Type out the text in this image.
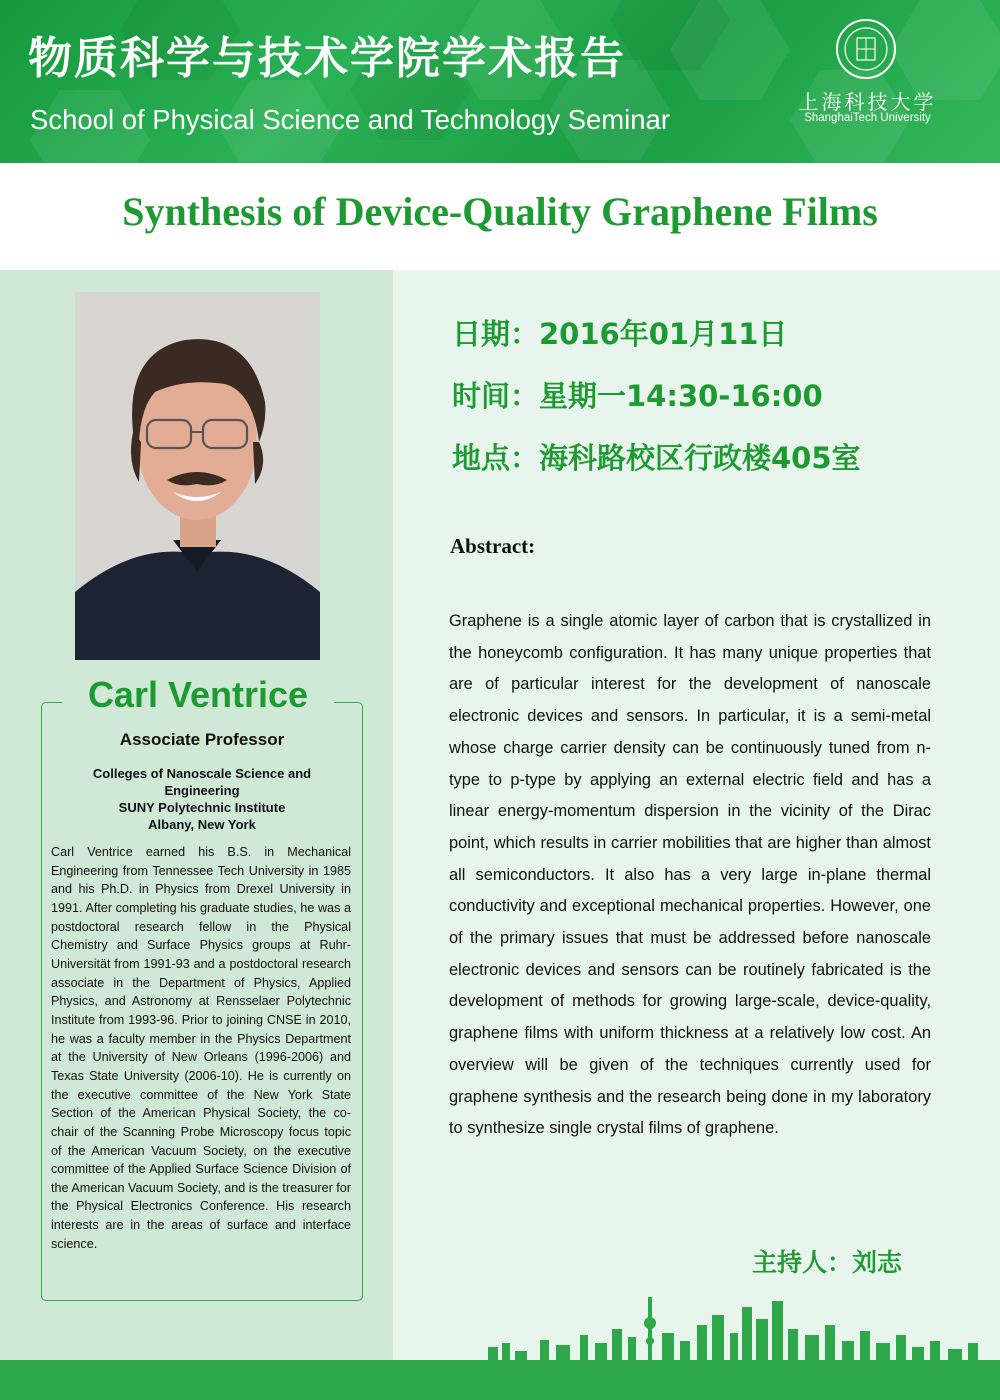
物质科学与技术学院学术报告
School of Physical Science and Technology Seminar
上海科技大学
ShanghaiTech University
Synthesis of Device-Quality Graphene Films
Carl Ventrice
Associate Professor
Colleges of Nanoscale Science and
Engineering
SUNY Polytechnic Institute
Albany, New York
Carl Ventrice earned his B.S. in Mechanical Engineering from Tennessee Tech University in 1985 and his Ph.D. in Physics from Drexel University in 1991. After completing his graduate studies, he was a postdoctoral research fellow in the Physical Chemistry and Surface Physics groups at Ruhr-Universität from 1991-93 and a postdoctoral research associate in the Department of Physics, Applied Physics, and Astronomy at Rensselaer Polytechnic Institute from 1993-96. Prior to joining CNSE in 2010, he was a faculty member in the Physics Department at the University of New Orleans (1996-2006) and Texas State University (2006-10). He is currently on the executive committee of the New York State Section of the American Physical Society, the co-chair of the Scanning Probe Microscopy focus topic of the American Vacuum Society, on the executive committee of the Applied Surface Science Division of the American Vacuum Society, and is the treasurer for the Physical Electronics Conference. His research interests are in the areas of surface and interface science.
日期：2016年01月11日
时间：星期一14:30-16:00
地点：海科路校区行政楼405室
Abstract:
Graphene is a single atomic layer of carbon that is crystallized in the honeycomb configuration. It has many unique properties that are of particular interest for the development of nanoscale electronic devices and sensors. In particular, it is a semi-metal whose charge carrier density can be continuously tuned from n-type to p-type by applying an external electric field and has a linear energy-momentum dispersion in the vicinity of the Dirac point, which results in carrier mobilities that are higher than almost all semiconductors. It also has a very large in-plane thermal conductivity and exceptional mechanical properties. However, one of the primary issues that must be addressed before nanoscale electronic devices and sensors can be routinely fabricated is the development of methods for growing large-scale, device-quality, graphene films with uniform thickness at a relatively low cost. An overview will be given of the techniques currently used for graphene synthesis and the research being done in my laboratory to synthesize single crystal films of graphene.
主持人：刘志
